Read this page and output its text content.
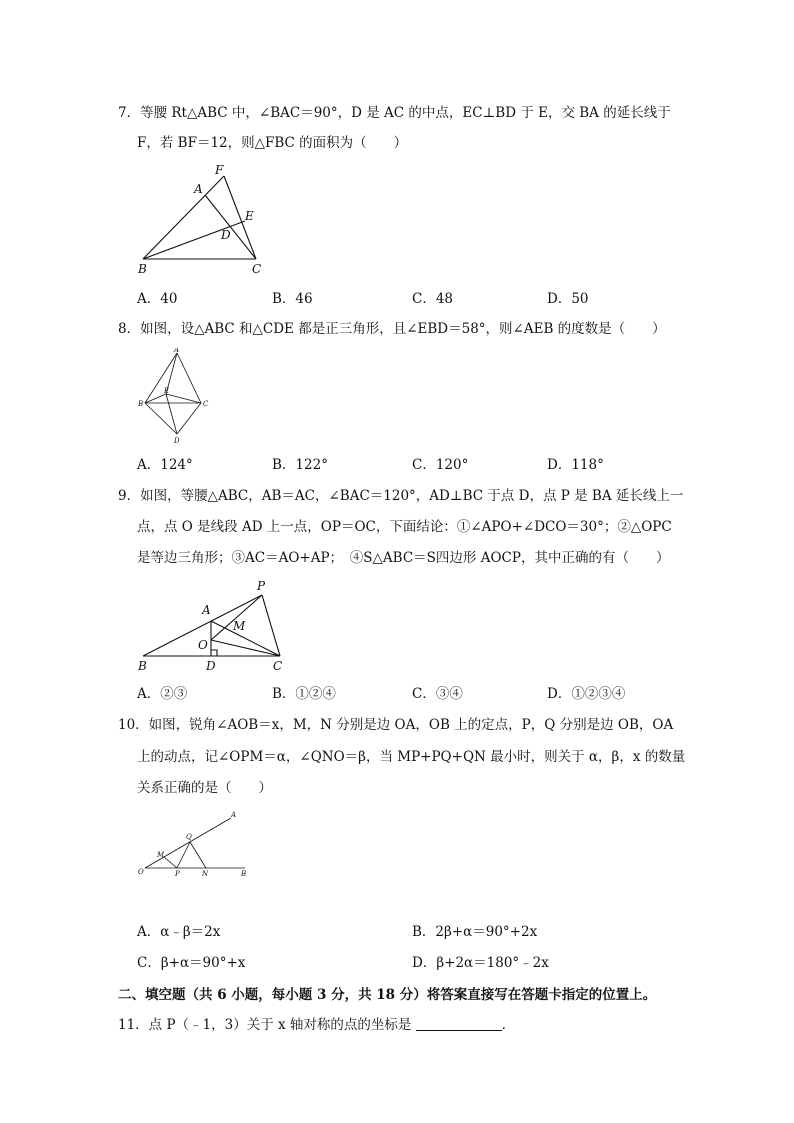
7．等腰 Rt△ABC 中，∠BAC＝90°，D 是 AC 的中点，EC⊥BD 于 E，交 BA 的延长线于
F，若 BF＝12，则△FBC 的面积为（　　）
F
A
E
D
B	C
A．40	B．46	C．48	D．50
8．如图，设△ABC 和△CDE 都是正三角形，且∠EBD＝58°，则∠AEB 的度数是（　　）
A
E
B	C
D
A．124°	B．122°	C．120°	D．118°
9．如图，等腰△ABC，AB＝AC，∠BAC＝120°，AD⊥BC 于点 D，点 P 是 BA 延长线上一
点，点 O 是线段 AD 上一点，OP＝OC，下面结论：①∠APO+∠DCO＝30°；②△OPC
是等边三角形；③AC＝AO+AP；　④S△ABC＝S四边形 AOCP，其中正确的有（　　）
P
A
M
O
B	D	C
A．②③	B．①②④	C．③④	D．①②③④
10．如图，锐角∠AOB＝x，M，N 分别是边 OA，OB 上的定点，P，Q 分别是边 OB，OA
上的动点，记∠OPM＝α，∠QNO＝β，当 MP+PQ+QN 最小时，则关于 α，β，x 的数量
关系正确的是（　　）
A
Q
M
O	P	N	B
A．α﹣β＝2x	B．2β+α＝90°+2x
C．β+α＝90°+x	D．β+2α＝180°﹣2x
二、填空题（共 6 小题，每小题 3 分，共 18 分）将答案直接写在答题卡指定的位置上。
11．点 P（﹣1，3）关于 x 轴对称的点的坐标是	．
